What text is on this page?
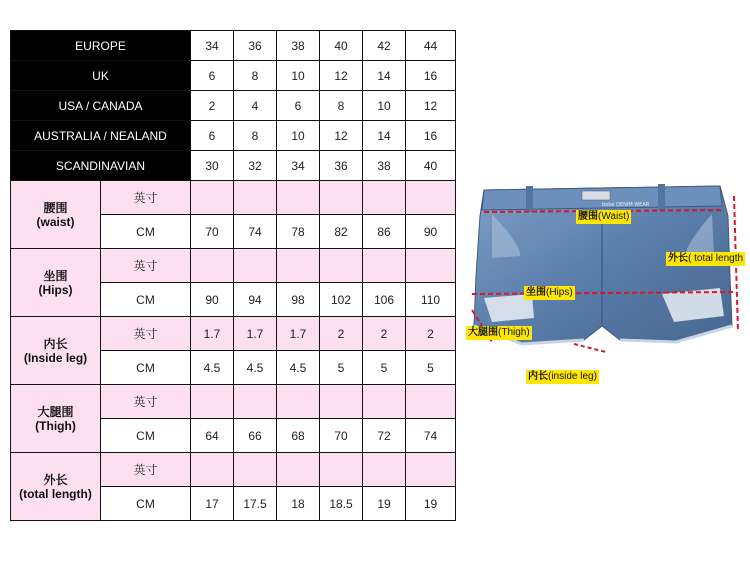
EUROPE		34	36	38	40	42	44
UK		6	8	10	12	14	16
USA / CANADA		2	4	6	8	10	12
AUSTRALIA / NEALAND		6	8	10	12	14	16
SCANDINAVIAN		30	32	34	36	38	40

腰围
(waist)	英寸						
	CM	70	74	78	82	86	90

坐围
(Hips)	英寸						
	CM	90	94	98	102	106	110

内长
(Inside leg)	英寸	1.7	1.7	1.7	2	2	2
	CM	4.5	4.5	4.5	5	5	5

大腿围
(Thigh)	英寸						
	CM	64	66	68	70	72	74

外长
(total length)	英寸						
	CM	17	17.5	18	18.5	19	19
bebe DENIM WEAR
腰围(Waist)
外长( total length
坐围(Hips)
大腿围(Thigh)
内长(inside leg)
